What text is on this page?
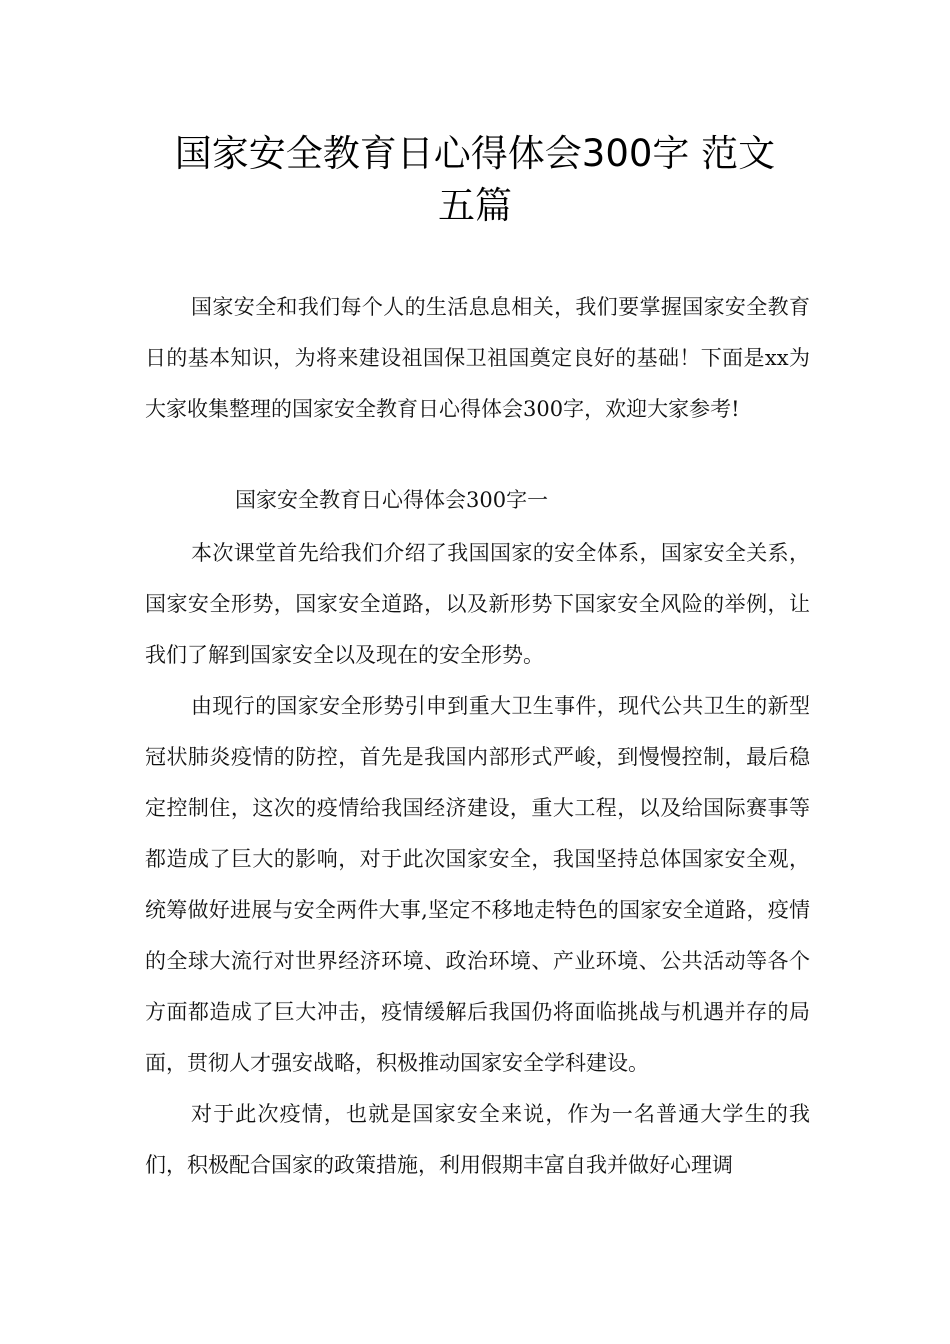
国家安全教育日心得体会300字 范文
五篇

国家安全和我们每个人的生活息息相关，我们要掌握国家安全教育日的基本知识，为将来建设祖国保卫祖国奠定良好的基础！下面是xx为大家收集整理的国家安全教育日心得体会300字，欢迎大家参考!

国家安全教育日心得体会300字一

本次课堂首先给我们介绍了我国国家的安全体系，国家安全关系，国家安全形势，国家安全道路，以及新形势下国家安全风险的举例，让我们了解到国家安全以及现在的安全形势。

由现行的国家安全形势引申到重大卫生事件，现代公共卫生的新型冠状肺炎疫情的防控，首先是我国内部形式严峻，到慢慢控制，最后稳定控制住，这次的疫情给我国经济建设，重大工程，以及给国际赛事等都造成了巨大的影响，对于此次国家安全，我国坚持总体国家安全观，统筹做好进展与安全两件大事,坚定不移地走特色的国家安全道路，疫情的全球大流行对世界经济环境、政治环境、产业环境、公共活动等各个方面都造成了巨大冲击，疫情缓解后我国仍将面临挑战与机遇并存的局面，贯彻人才强安战略，积极推动国家安全学科建设。

对于此次疫情，也就是国家安全来说，作为一名普通大学生的我们，积极配合国家的政策措施，利用假期丰富自我并做好心理调
